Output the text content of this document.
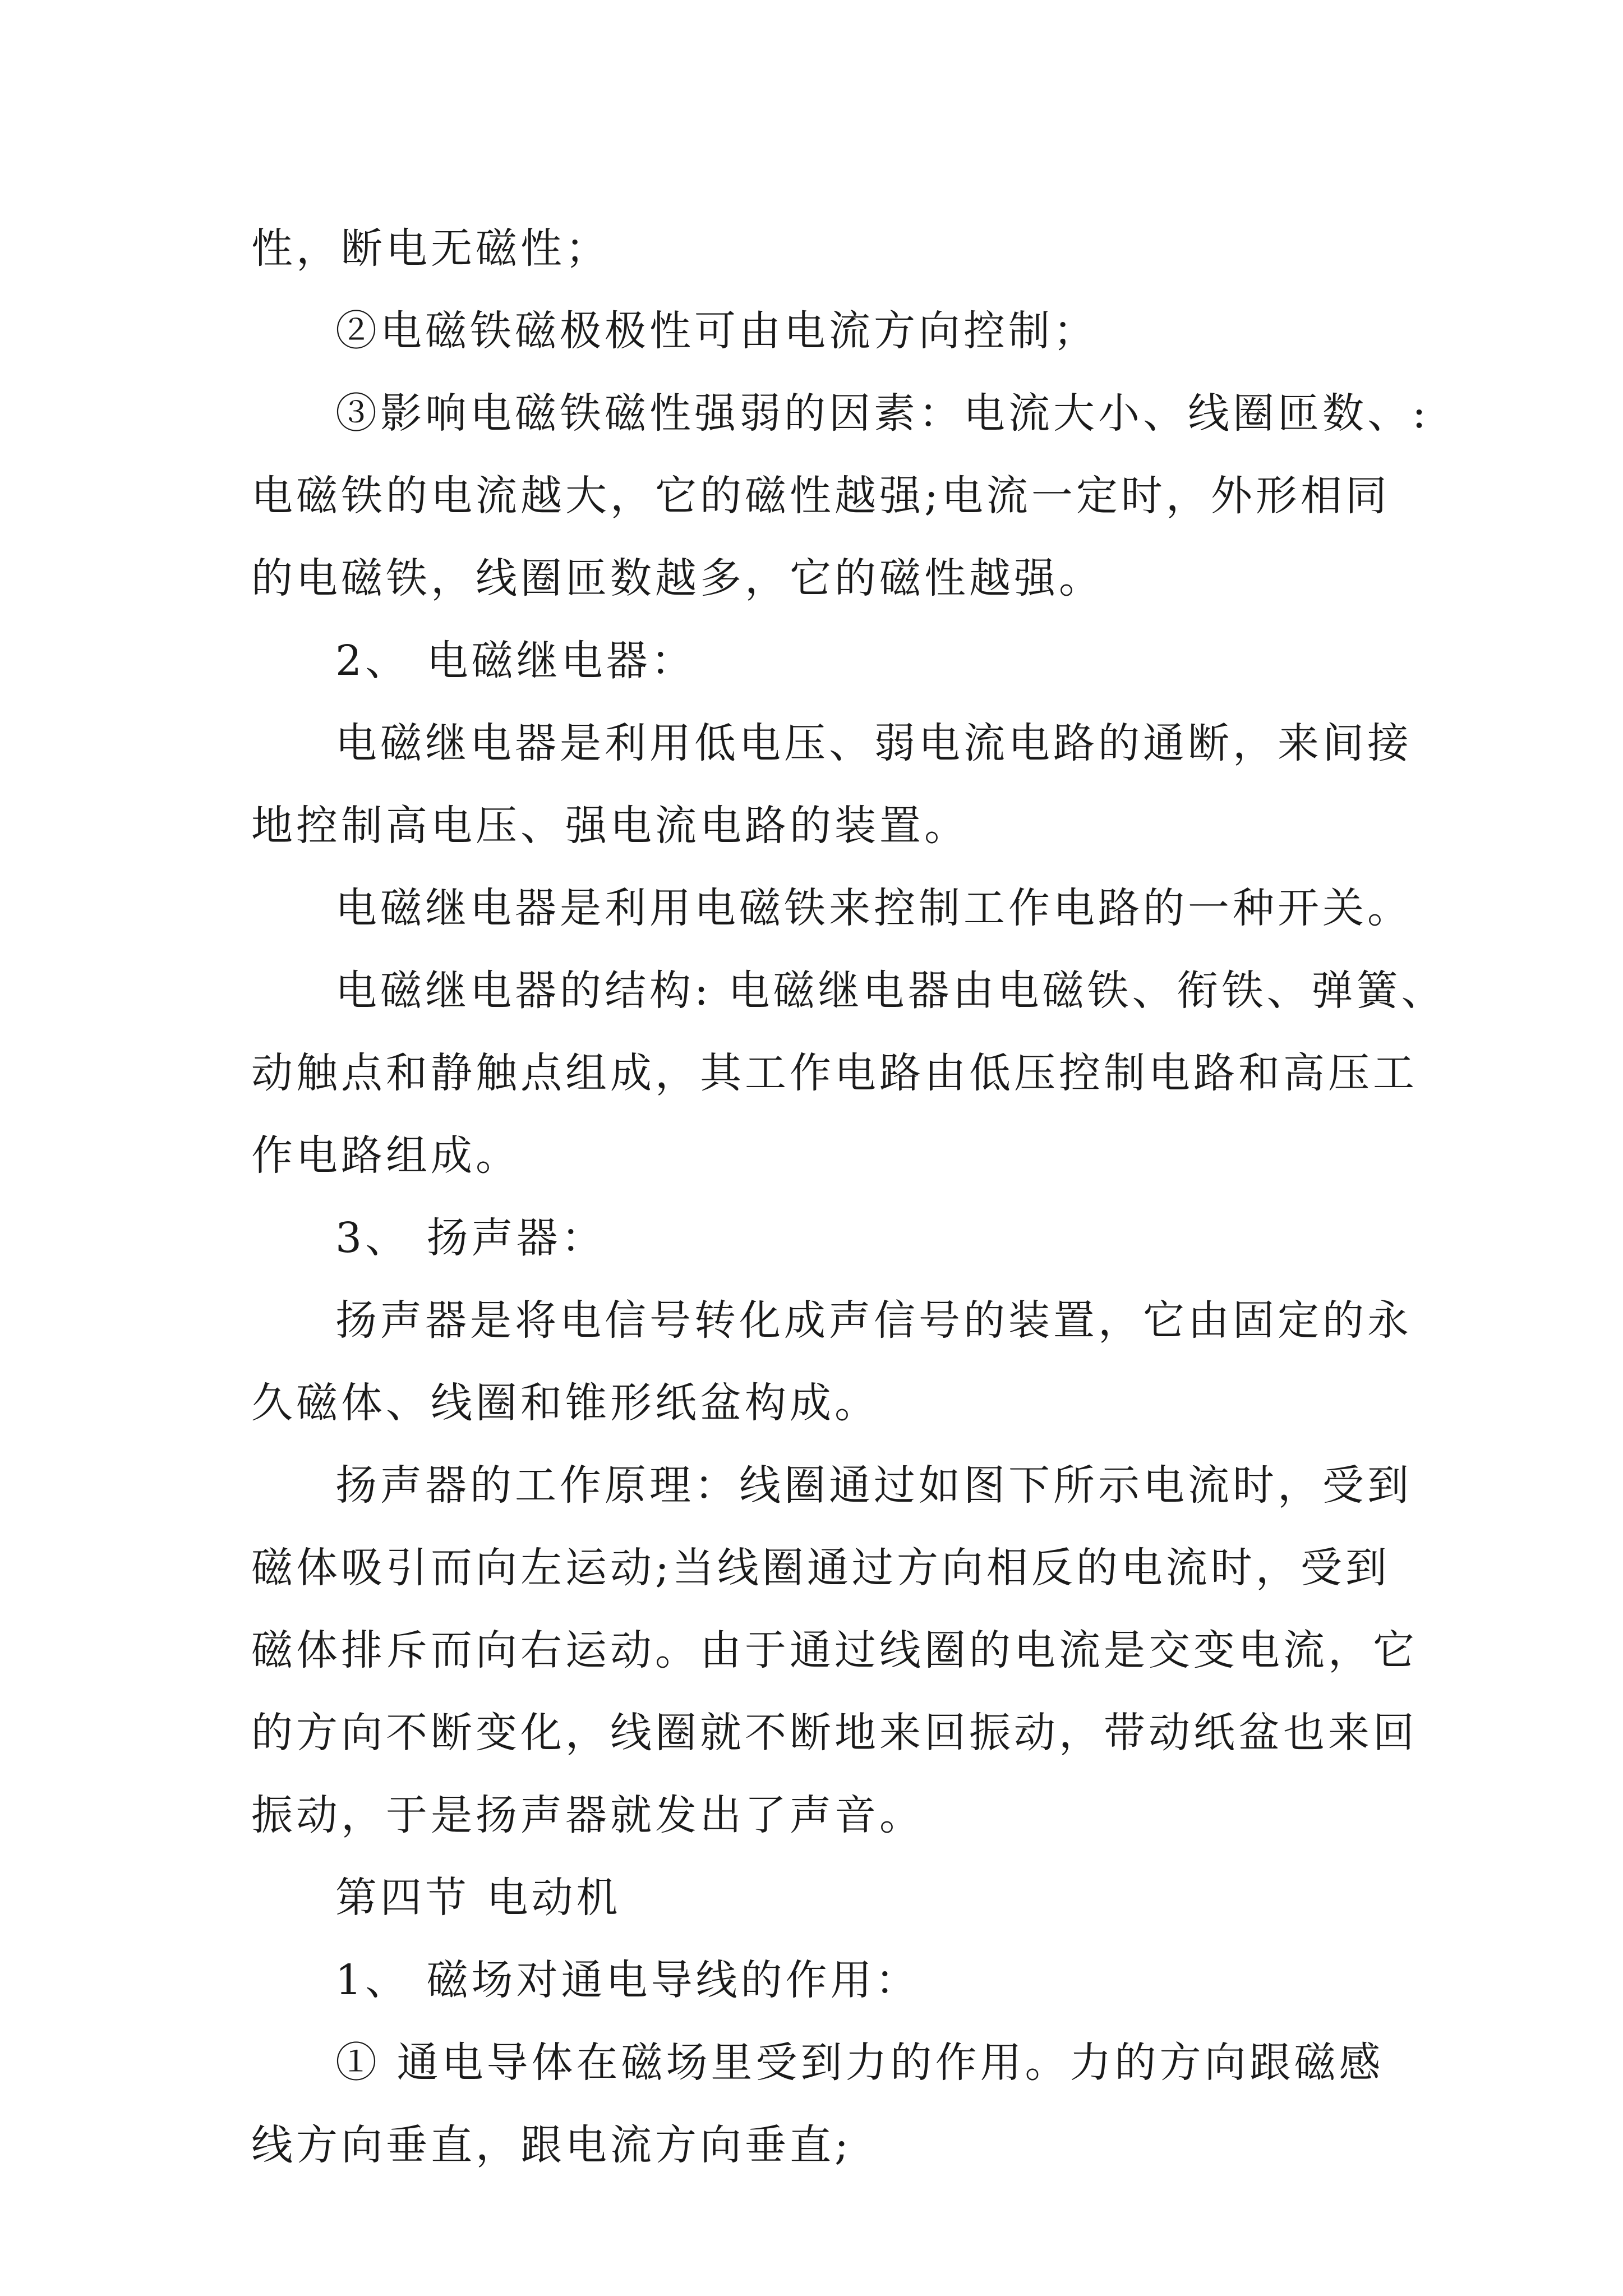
性，断电无磁性；
②电磁铁磁极极性可由电流方向控制；
③影响电磁铁磁性强弱的因素：电流大小、线圈匝数、:
电磁铁的电流越大，它的磁性越强;电流一定时，外形相同
的电磁铁，线圈匝数越多，它的磁性越强。
2、 电磁继电器：
电磁继电器是利用低电压、弱电流电路的通断，来间接
地控制高电压、强电流电路的装置。
电磁继电器是利用电磁铁来控制工作电路的一种开关。
电磁继电器的结构: 电磁继电器由电磁铁、衔铁、弹簧、
动触点和静触点组成，其工作电路由低压控制电路和高压工
作电路组成。
3、 扬声器：
扬声器是将电信号转化成声信号的装置，它由固定的永
久磁体、线圈和锥形纸盆构成。
扬声器的工作原理：线圈通过如图下所示电流时，受到
磁体吸引而向左运动;当线圈通过方向相反的电流时，受到
磁体排斥而向右运动。由于通过线圈的电流是交变电流，它
的方向不断变化，线圈就不断地来回振动，带动纸盆也来回
振动，于是扬声器就发出了声音。
第四节 电动机
1、 磁场对通电导线的作用：
① 通电导体在磁场里受到力的作用。力的方向跟磁感
线方向垂直，跟电流方向垂直;
